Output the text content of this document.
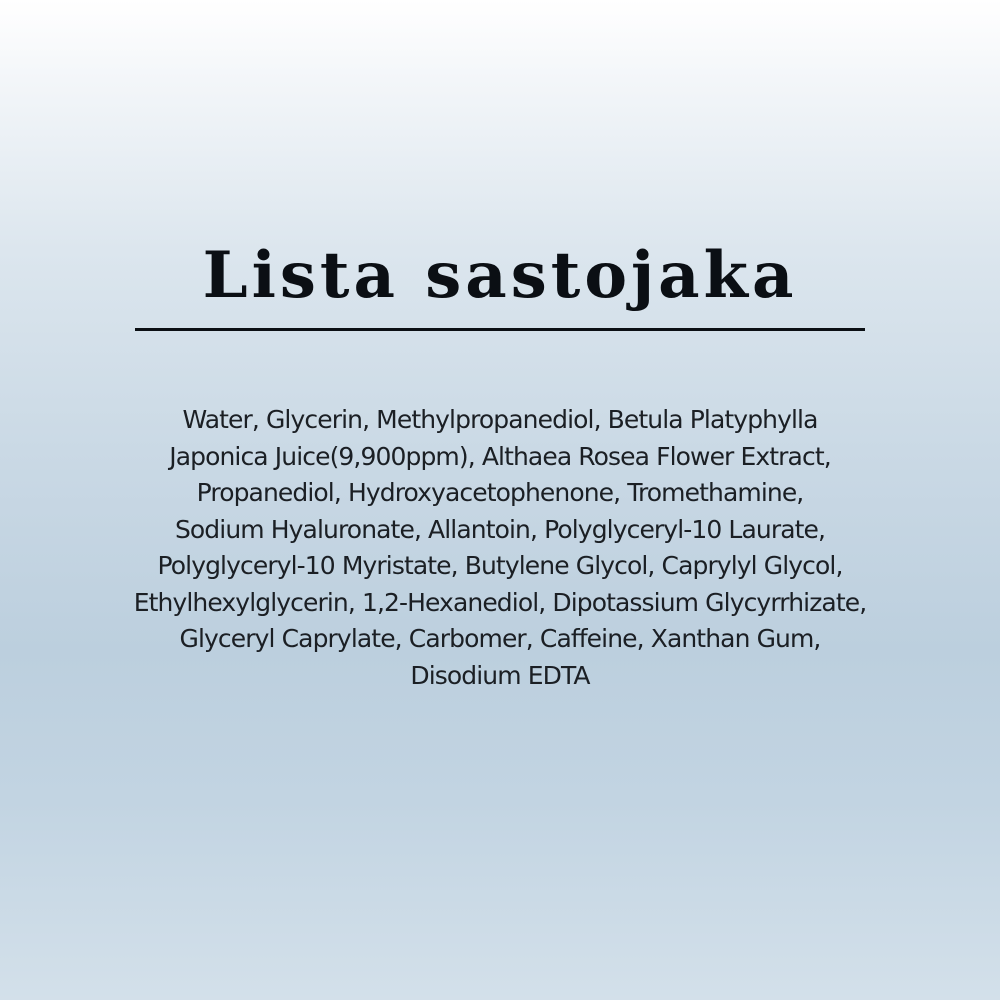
Lista sastojaka

Water, Glycerin, Methylpropanediol, Betula Platyphylla
Japonica Juice(9,900ppm), Althaea Rosea Flower Extract,
Propanediol, Hydroxyacetophenone, Tromethamine,
Sodium Hyaluronate, Allantoin, Polyglyceryl-10 Laurate,
Polyglyceryl-10 Myristate, Butylene Glycol, Caprylyl Glycol,
Ethylhexylglycerin, 1,2-Hexanediol, Dipotassium Glycyrrhizate,
Glyceryl Caprylate, Carbomer, Caffeine, Xanthan Gum,
Disodium EDTA
